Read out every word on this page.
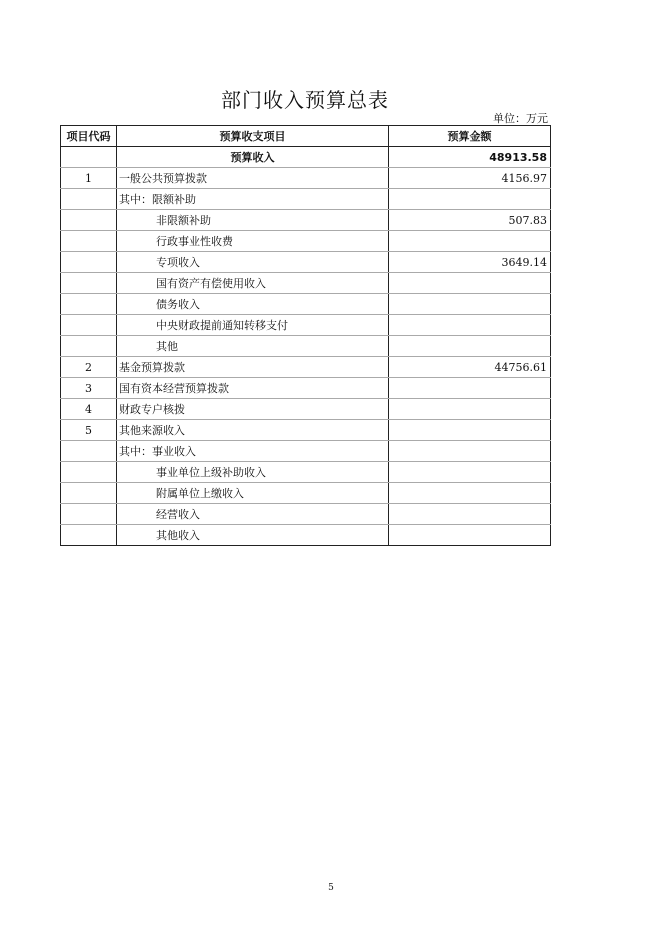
部门收入预算总表
单位：万元
项目代码	预算收支项目	预算金额
	预算收入	48913.58
1	一般公共预算拨款	4156.97
	其中：限额补助	
	非限额补助	507.83
	行政事业性收费	
	专项收入	3649.14
	国有资产有偿使用收入	
	债务收入	
	中央财政提前通知转移支付	
	其他	
2	基金预算拨款	44756.61
3	国有资本经营预算拨款	
4	财政专户核拨	
5	其他来源收入	
	其中：事业收入	
	事业单位上级补助收入	
	附属单位上缴收入	
	经营收入	
	其他收入	
5
